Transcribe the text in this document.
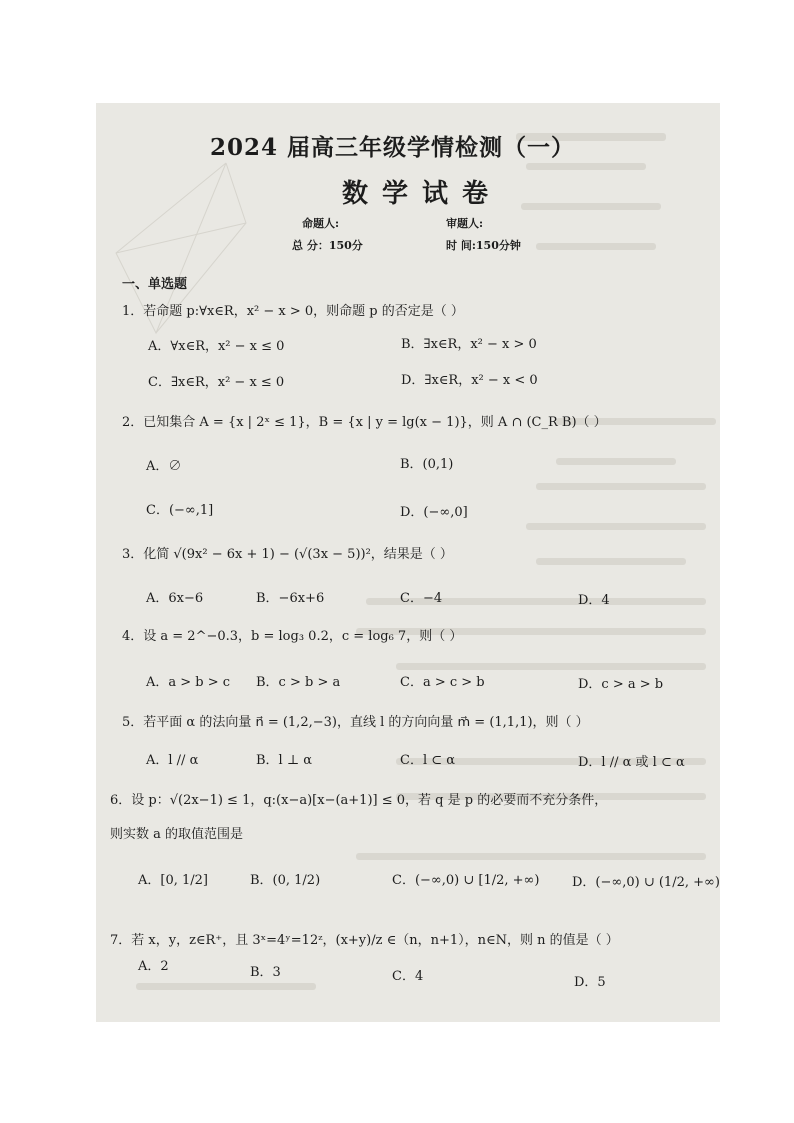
2024 届高三年级学情检测（一）
数学试卷
命题人:	审题人:
总 分：150分	时 间:150分钟
一、单选题
1．若命题 p:∀x∈R，x² − x > 0，则命题 p 的否定是（ ）
A．∀x∈R，x² − x ≤ 0	B．∃x∈R，x² − x > 0
C．∃x∈R，x² − x ≤ 0	D．∃x∈R，x² − x < 0
2．已知集合 A = {x | 2ˣ ≤ 1}，B = {x | y = lg(x − 1)}，则 A ∩ (C_R B)（ ）
A．∅	B．(0,1)
C．(−∞,1]	D．(−∞,0]
3．化简 √(9x² − 6x + 1) − (√(3x − 5))²，结果是（ ）
A．6x−6	B．−6x+6	C．−4	D．4
4．设 a = 2^−0.3，b = log₃ 0.2，c = log₆ 7，则（ ）
A．a > b > c B．c > b > a	C．a > c > b	D．c > a > b
5．若平面 α 的法向量 n⃗ = (1,2,−3)，直线 l 的方向向量 m⃗ = (1,1,1)，则（ ）
A．l // α	B．l ⊥ α	C．l ⊂ α	D．l // α 或 l ⊂ α
6．设 p：√(2x−1) ≤ 1，q:(x−a)[x−(a+1)] ≤ 0，若 q 是 p 的必要而不充分条件，
则实数 a 的取值范围是
A．[0, 1/2]	B．(0, 1/2)	C．(−∞,0) ∪ [1/2, +∞)	D．(−∞,0) ∪ (1/2, +∞)
7．若 x，y，z∈R⁺，且 3ˣ=4ʸ=12ᶻ，(x+y)/z ∈（n，n+1），n∈N，则 n 的值是（ ）
A．2	B．3	C．4	D．5
